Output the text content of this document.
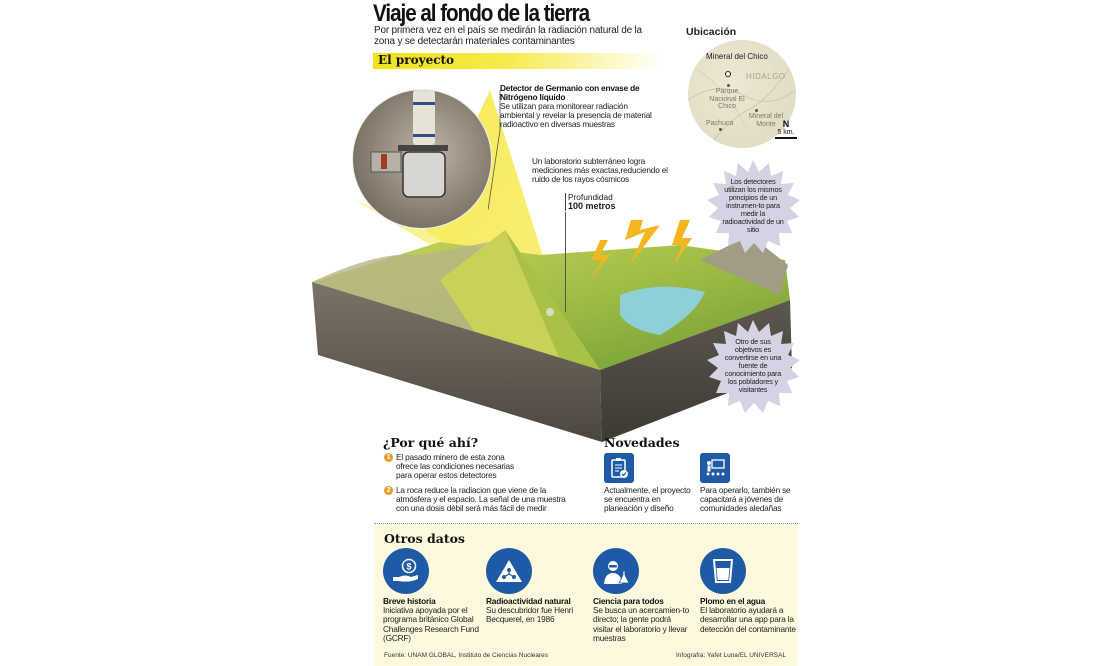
Viaje al fondo de la tierra
Por primera vez en el país se medirán la radiación natural de la zona y se detectarán materiales contaminantes
El proyecto
Ubicación
Mineral del Chico
HIDALGO
Parque Nacional El Chico
Mineral del Monte
Pachuca	N
5 km.
Detector de Germanio con envase de Nitrógeno líquido
Se utilizan para monitorear radiación ambiental y revelar la presencia de material radioactivo en diversas muestras
Un laboratorio subterráneo logra mediciones más exactas,reduciendo el ruido de los rayos cósmicos
Profundidad
100 metros
Los detectores utilizan los mismos principios de un instrumen-to para medir la radioactividad de un sitio
Otro de sus objetivos es convertirse en una fuente de conocimiento para los pobladores y visitantes
¿Por qué ahí?
1 El pasado minero de esta zona ofrece las condiciones necesarias para operar estos detectores
2 La roca reduce la radiacion que viene de la atmósfera y el espacio. La señal de una muestra con una dosis débil será más fácil de medir
Novedades
Actualmente, el proyecto se encuentra en planeación y diseño
Para operarlo, también se capacitará a jóvenes de comunidades aledañas
Otros datos
$
Breve historia
Iniciativa apoyada por el programa británico Global Challenges Research Fund (GCRF)
Radioactividad natural
Su descubridor fue Henri Becquerel, en 1986
Ciencia para todos
Se busca un acercamien-to directo; la gente podrá visitar el laboratorio y llevar muestras
Plomo en el agua
El laboratorio ayudará a desarrollar una app para la detección del contaminante
Fuente: UNAM GLOBAL, Instituto de Ciencias Nucleares	Infografía: Yafet Luna/EL UNIVERSAL
